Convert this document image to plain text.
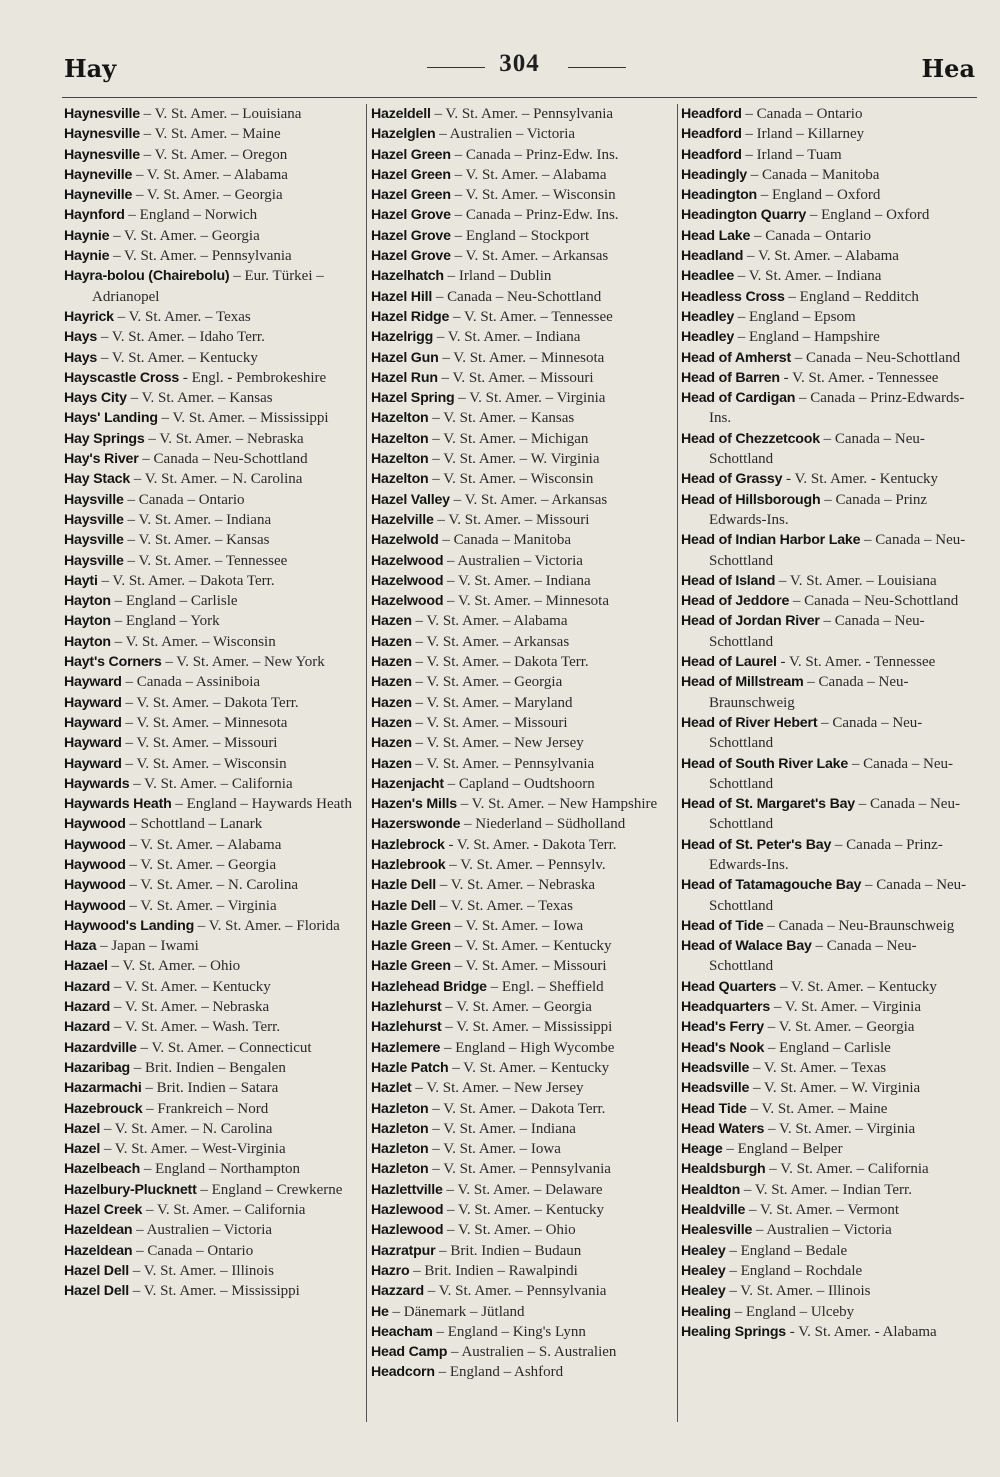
Hay	304	Hea
Haynesville – V. St. Amer. – Louisiana
Haynesville – V. St. Amer. – Maine
Haynesville – V. St. Amer. – Oregon
Hayneville – V. St. Amer. – Alabama
Hayneville – V. St. Amer. – Georgia
Haynford – England – Norwich
Haynie – V. St. Amer. – Georgia
Haynie – V. St. Amer. – Pennsylvania
Hayra-bolou (Chairebolu) – Eur. Türkei – Adrianopel
Hayrick – V. St. Amer. – Texas
Hays – V. St. Amer. – Idaho Terr.
Hays – V. St. Amer. – Kentucky
Hayscastle Cross - Engl. - Pembrokeshire
Hays City – V. St. Amer. – Kansas
Hays' Landing – V. St. Amer. – Mississippi
Hay Springs – V. St. Amer. – Nebraska
Hay's River – Canada – Neu-Schottland
Hay Stack – V. St. Amer. – N. Carolina
Haysville – Canada – Ontario
Haysville – V. St. Amer. – Indiana
Haysville – V. St. Amer. – Kansas
Haysville – V. St. Amer. – Tennessee
Hayti – V. St. Amer. – Dakota Terr.
Hayton – England – Carlisle
Hayton – England – York
Hayton – V. St. Amer. – Wisconsin
Hayt's Corners – V. St. Amer. – New York
Hayward – Canada – Assiniboia
Hayward – V. St. Amer. – Dakota Terr.
Hayward – V. St. Amer. – Minnesota
Hayward – V. St. Amer. – Missouri
Hayward – V. St. Amer. – Wisconsin
Haywards – V. St. Amer. – California
Haywards Heath – England – Haywards Heath
Haywood – Schottland – Lanark
Haywood – V. St. Amer. – Alabama
Haywood – V. St. Amer. – Georgia
Haywood – V. St. Amer. – N. Carolina
Haywood – V. St. Amer. – Virginia
Haywood's Landing – V. St. Amer. – Florida
Haza – Japan – Iwami
Hazael – V. St. Amer. – Ohio
Hazard – V. St. Amer. – Kentucky
Hazard – V. St. Amer. – Nebraska
Hazard – V. St. Amer. – Wash. Terr.
Hazardville – V. St. Amer. – Connecticut
Hazaribag – Brit. Indien – Bengalen
Hazarmachi – Brit. Indien – Satara
Hazebrouck – Frankreich – Nord
Hazel – V. St. Amer. – N. Carolina
Hazel – V. St. Amer. – West-Virginia
Hazelbeach – England – Northampton
Hazelbury-Plucknett – England – Crewkerne
Hazel Creek – V. St. Amer. – California
Hazeldean – Australien – Victoria
Hazeldean – Canada – Ontario
Hazel Dell – V. St. Amer. – Illinois
Hazel Dell – V. St. Amer. – Mississippi
Hazeldell – V. St. Amer. – Pennsylvania
Hazelglen – Australien – Victoria
Hazel Green – Canada – Prinz-Edw. Ins.
Hazel Green – V. St. Amer. – Alabama
Hazel Green – V. St. Amer. – Wisconsin
Hazel Grove – Canada – Prinz-Edw. Ins.
Hazel Grove – England – Stockport
Hazel Grove – V. St. Amer. – Arkansas
Hazelhatch – Irland – Dublin
Hazel Hill – Canada – Neu-Schottland
Hazel Ridge – V. St. Amer. – Tennessee
Hazelrigg – V. St. Amer. – Indiana
Hazel Gun – V. St. Amer. – Minnesota
Hazel Run – V. St. Amer. – Missouri
Hazel Spring – V. St. Amer. – Virginia
Hazelton – V. St. Amer. – Kansas
Hazelton – V. St. Amer. – Michigan
Hazelton – V. St. Amer. – W. Virginia
Hazelton – V. St. Amer. – Wisconsin
Hazel Valley – V. St. Amer. – Arkansas
Hazelville – V. St. Amer. – Missouri
Hazelwold – Canada – Manitoba
Hazelwood – Australien – Victoria
Hazelwood – V. St. Amer. – Indiana
Hazelwood – V. St. Amer. – Minnesota
Hazen – V. St. Amer. – Alabama
Hazen – V. St. Amer. – Arkansas
Hazen – V. St. Amer. – Dakota Terr.
Hazen – V. St. Amer. – Georgia
Hazen – V. St. Amer. – Maryland
Hazen – V. St. Amer. – Missouri
Hazen – V. St. Amer. – New Jersey
Hazen – V. St. Amer. – Pennsylvania
Hazenjacht – Capland – Oudtshoorn
Hazen's Mills – V. St. Amer. – New Hampshire
Hazerswonde – Niederland – Südholland
Hazlebrock - V. St. Amer. - Dakota Terr.
Hazlebrook – V. St. Amer. – Pennsylv.
Hazle Dell – V. St. Amer. – Nebraska
Hazle Dell – V. St. Amer. – Texas
Hazle Green – V. St. Amer. – Iowa
Hazle Green – V. St. Amer. – Kentucky
Hazle Green – V. St. Amer. – Missouri
Hazlehead Bridge – Engl. – Sheffield
Hazlehurst – V. St. Amer. – Georgia
Hazlehurst – V. St. Amer. – Mississippi
Hazlemere – England – High Wycombe
Hazle Patch – V. St. Amer. – Kentucky
Hazlet – V. St. Amer. – New Jersey
Hazleton – V. St. Amer. – Dakota Terr.
Hazleton – V. St. Amer. – Indiana
Hazleton – V. St. Amer. – Iowa
Hazleton – V. St. Amer. – Pennsylvania
Hazlettville – V. St. Amer. – Delaware
Hazlewood – V. St. Amer. – Kentucky
Hazlewood – V. St. Amer. – Ohio
Hazratpur – Brit. Indien – Budaun
Hazro – Brit. Indien – Rawalpindi
Hazzard – V. St. Amer. – Pennsylvania
He – Dänemark – Jütland
Heacham – England – King's Lynn
Head Camp – Australien – S. Australien
Headcorn – England – Ashford
Headford – Canada – Ontario
Headford – Irland – Killarney
Headford – Irland – Tuam
Headingly – Canada – Manitoba
Headington – England – Oxford
Headington Quarry – England – Oxford
Head Lake – Canada – Ontario
Headland – V. St. Amer. – Alabama
Headlee – V. St. Amer. – Indiana
Headless Cross – England – Redditch
Headley – England – Epsom
Headley – England – Hampshire
Head of Amherst – Canada – Neu-Schottland
Head of Barren - V. St. Amer. - Tennessee
Head of Cardigan – Canada – Prinz-Edwards-Ins.
Head of Chezzetcook – Canada – Neu-Schottland
Head of Grassy - V. St. Amer. - Kentucky
Head of Hillsborough – Canada – Prinz Edwards-Ins.
Head of Indian Harbor Lake – Canada – Neu-Schottland
Head of Island – V. St. Amer. – Louisiana
Head of Jeddore – Canada – Neu-Schottland
Head of Jordan River – Canada – Neu-Schottland
Head of Laurel - V. St. Amer. - Tennessee
Head of Millstream – Canada – Neu-Braunschweig
Head of River Hebert – Canada – Neu-Schottland
Head of South River Lake – Canada – Neu-Schottland
Head of St. Margaret's Bay – Canada – Neu-Schottland
Head of St. Peter's Bay – Canada – Prinz-Edwards-Ins.
Head of Tatamagouche Bay – Canada – Neu-Schottland
Head of Tide – Canada – Neu-Braunschweig
Head of Walace Bay – Canada – Neu-Schottland
Head Quarters – V. St. Amer. – Kentucky
Headquarters – V. St. Amer. – Virginia
Head's Ferry – V. St. Amer. – Georgia
Head's Nook – England – Carlisle
Headsville – V. St. Amer. – Texas
Headsville – V. St. Amer. – W. Virginia
Head Tide – V. St. Amer. – Maine
Head Waters – V. St. Amer. – Virginia
Heage – England – Belper
Healdsburgh – V. St. Amer. – California
Healdton – V. St. Amer. – Indian Terr.
Healdville – V. St. Amer. – Vermont
Healesville – Australien – Victoria
Healey – England – Bedale
Healey – England – Rochdale
Healey – V. St. Amer. – Illinois
Healing – England – Ulceby
Healing Springs - V. St. Amer. - Alabama
